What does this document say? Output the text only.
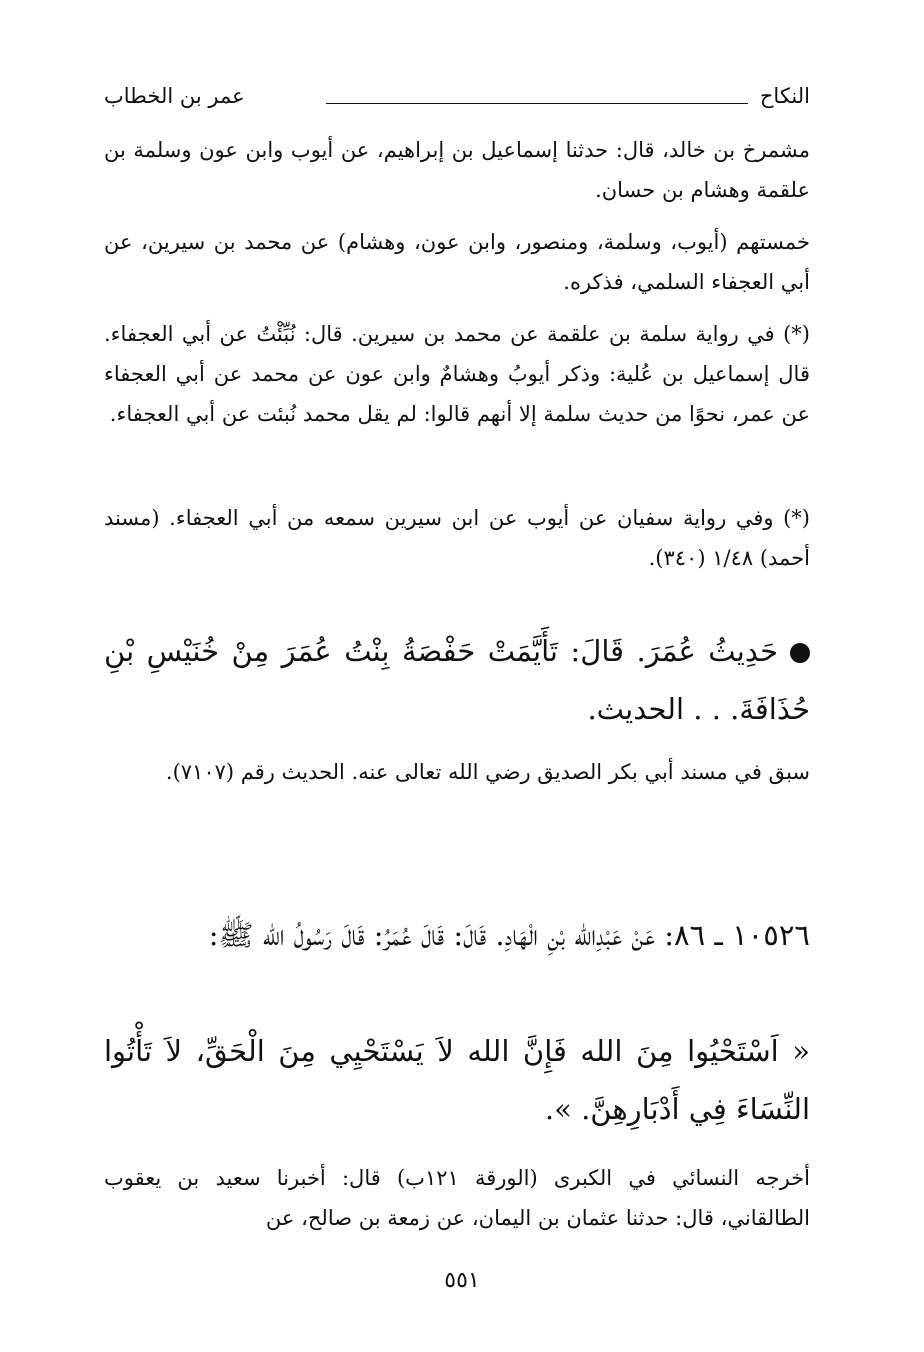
النكاح
عمر بن الخطاب
مشمرخ بن خالد، قال: حدثنا إسماعيل بن إبراهيم، عن أيوب وابن عون وسلمة بن علقمة وهشام بن حسان.
خمستهم (أيوب، وسلمة، ومنصور، وابن عون، وهشام) عن محمد بن سيرين، عن أبي العجفاء السلمي، فذكره.
(*) في رواية سلمة بن علقمة عن محمد بن سيرين. قال: نُبِّئْتُ عن أبي العجفاء. قال إسماعيل بن عُلية: وذكر أيوبُ وهشامٌ وابن عون عن محمد عن أبي العجفاء عن عمر، نحوًا من حديث سلمة إلا أنهم قالوا: لم يقل محمد نُبئت عن أبي العجفاء.
(*) وفي رواية سفيان عن أيوب عن ابن سيرين سمعه من أبي العجفاء. (مسند أحمد) ١/٤٨ (٣٤٠).
حَدِيثُ عُمَرَ. قَالَ: تَأَيَّمَتْ حَفْصَةُ بِنْتُ عُمَرَ مِنْ خُنَيْسِ بْنِ حُذَافَةَ. . . الحديث.
سبق في مسند أبي بكر الصديق رضي الله تعالى عنه. الحديث رقم (٧١٠٧).
١٠٥٢٦ ـ ٨٦: عَنْ عَبْدِالله بْنِ الْهَادِ. قَالَ: قَالَ عُمَرُ: قَالَ رَسُولُ الله ﷺ:
« اَسْتَحْيُوا مِنَ الله فَإِنَّ الله لاَ يَسْتَحْيِي مِنَ الْحَقِّ، لاَ تَأْتُوا النِّسَاءَ فِي أَدْبَارِهِنَّ. ».
أخرجه النسائي في الكبرى (الورقة ١٢١ب) قال: أخبرنا سعيد بن يعقوب الطالقاني، قال: حدثنا عثمان بن اليمان، عن زمعة بن صالح، عن
٥٥١
